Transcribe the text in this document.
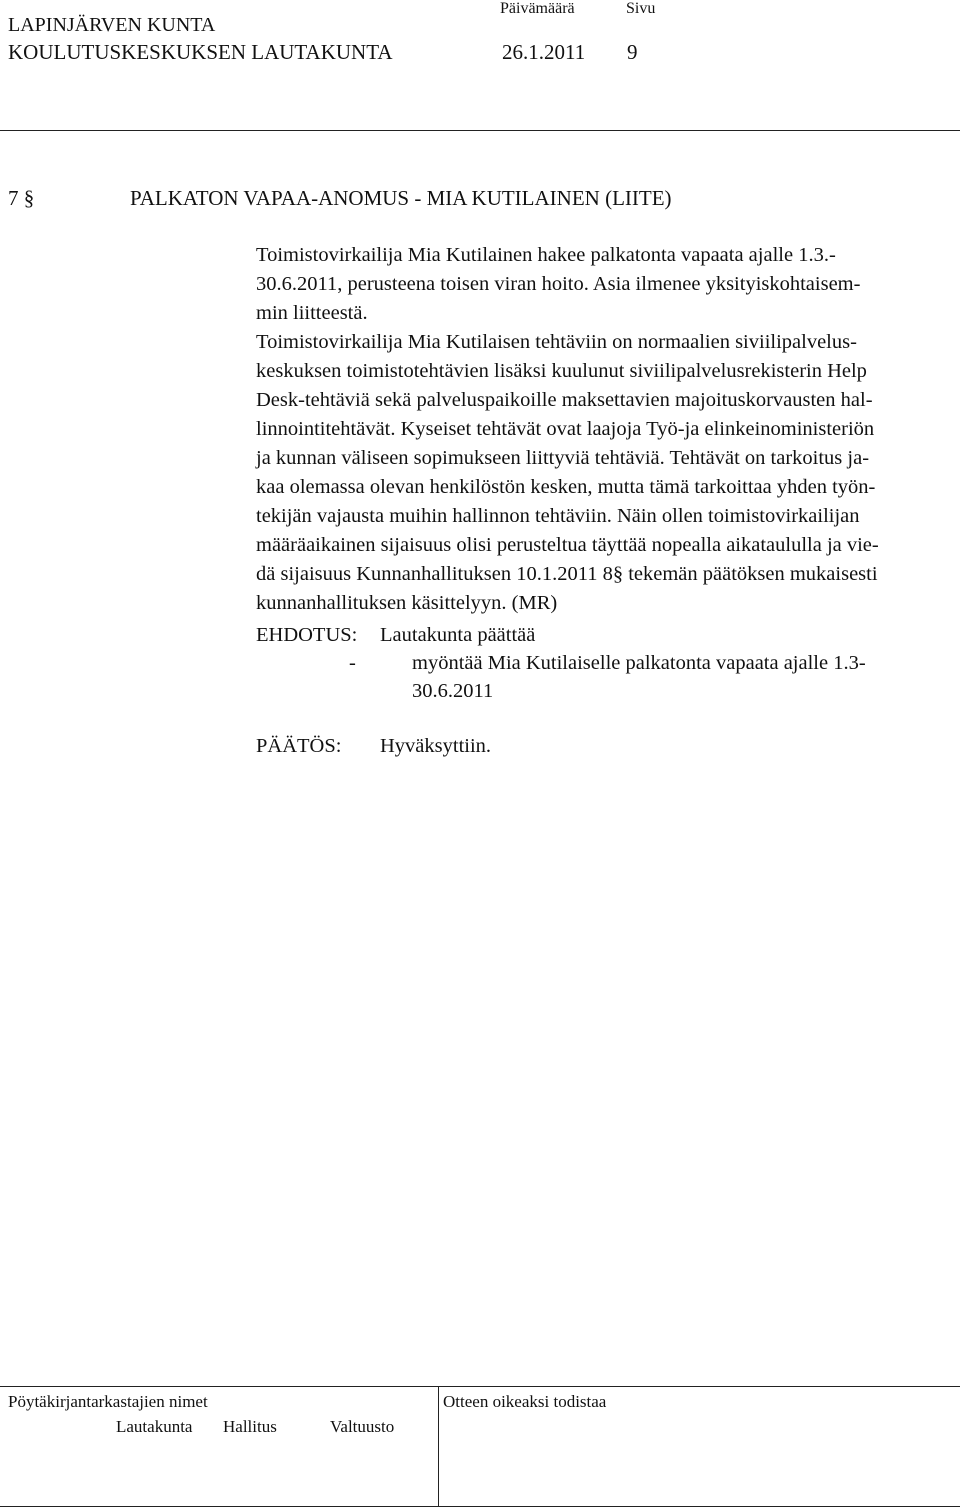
LAPINJÄRVEN KUNTA
KOULUTUSKESKUKSEN LAUTAKUNTA
Päivämäärä	Sivu
26.1.2011 9
7 §	PALKATON VAPAA-ANOMUS - MIA KUTILAINEN (LIITE)
Toimistovirkailija Mia Kutilainen hakee palkatonta vapaata ajalle 1.3.-
30.6.2011, perusteena toisen viran hoito. Asia ilmenee yksityiskohtaisem-
min liitteestä.
Toimistovirkailija Mia Kutilaisen tehtäviin on normaalien siviilipalvelus-
keskuksen toimistotehtävien lisäksi kuulunut siviilipalvelusrekisterin Help
Desk-tehtäviä sekä palveluspaikoille maksettavien majoituskorvausten hal-
linnointitehtävät. Kyseiset tehtävät ovat laajoja Työ-ja elinkeinoministeriön
ja kunnan väliseen sopimukseen liittyviä tehtäviä. Tehtävät on tarkoitus ja-
kaa olemassa olevan henkilöstön kesken, mutta tämä tarkoittaa yhden työn-
tekijän vajausta muihin hallinnon tehtäviin. Näin ollen toimistovirkailijan
määräaikainen sijaisuus olisi perusteltua täyttää nopealla aikataululla ja vie-
dä sijaisuus Kunnanhallituksen 10.1.2011 8§ tekemän päätöksen mukaisesti
kunnanhallituksen käsittelyyn. (MR)
EHDOTUS: Lautakunta päättää
-	myöntää Mia Kutilaiselle palkatonta vapaata ajalle 1.3-
30.6.2011
PÄÄTÖS: Hyväksyttiin.
Pöytäkirjantarkastajien nimet	Otteen oikeaksi todistaa
Lautakunta Hallitus	Valtuusto
